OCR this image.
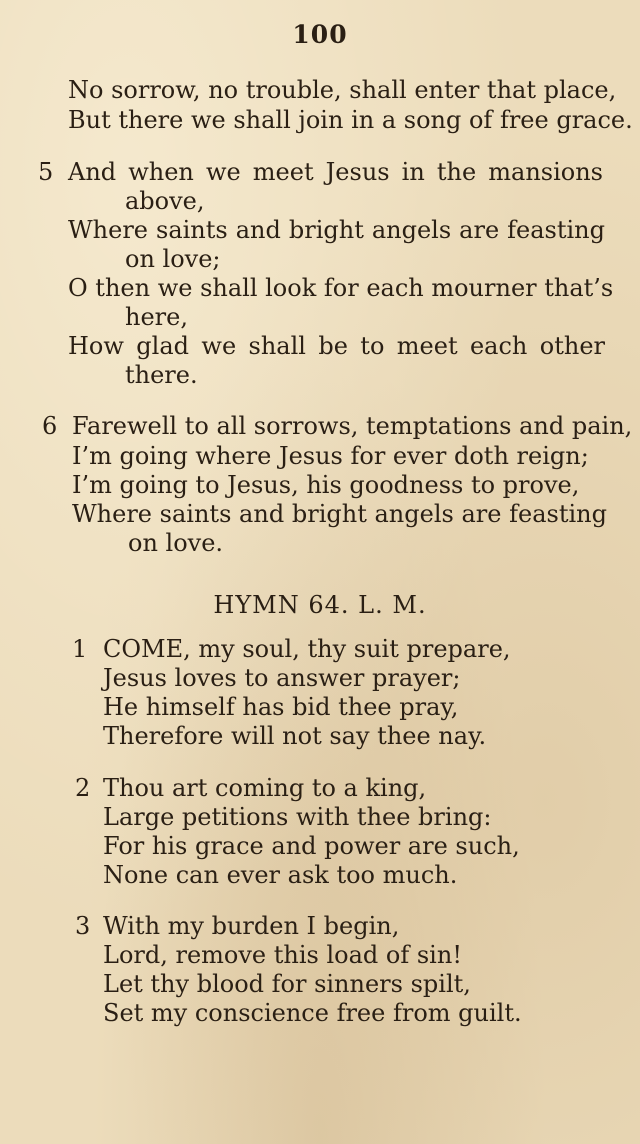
100
No sorrow, no trouble, shall enter that place,
But there we shall join in a song of free grace.
5 And when we meet Jesus in the mansions
above,
Where saints and bright angels are feasting
on love;
O then we shall look for each mourner that’s
here,
How glad we shall be to meet each other
there.
6 Farewell to all sorrows, temptations and pain,
I’m going where Jesus for ever doth reign;
I’m going to Jesus, his goodness to prove,
Where saints and bright angels are feasting
on love.
HYMN 64. L. M.
1 COME, my soul, thy suit prepare,
Jesus loves to answer prayer;
He himself has bid thee pray,
Therefore will not say thee nay.
2 Thou art coming to a king,
Large petitions with thee bring:
For his grace and power are such,
None can ever ask too much.
3 With my burden I begin,
Lord, remove this load of sin!
Let thy blood for sinners spilt,
Set my conscience free from guilt.
